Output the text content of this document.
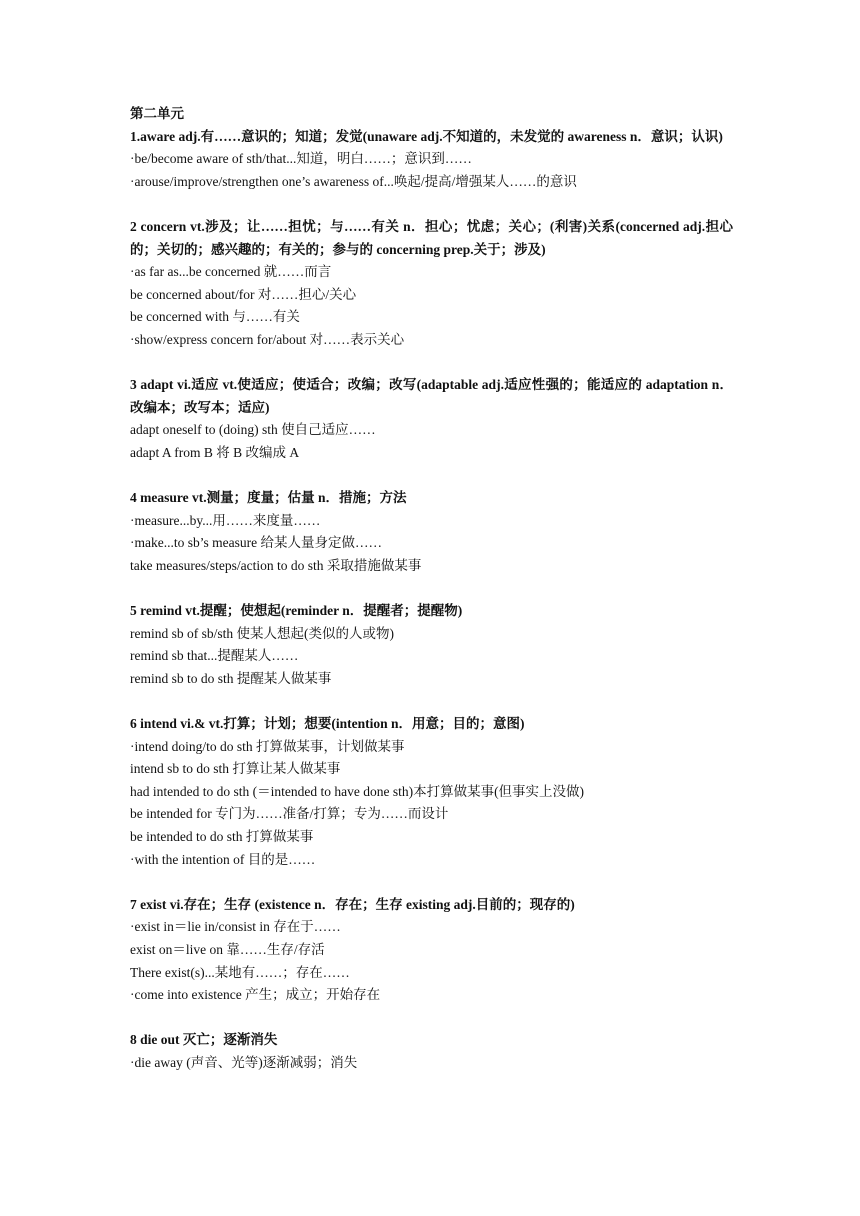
第二单元
1.aware adj.有……意识的；知道；发觉(unaware adj.不知道的，未发觉的 awareness n．意识；认识)
·be/become aware of sth/that...知道，明白……；意识到……
·arouse/improve/strengthen one’s awareness of...唤起/提高/增强某人……的意识
2 concern vt.涉及；让……担忧；与……有关 n．担心；忧虑；关心；(利害)关系(concerned adj.担心的；关切的；感兴趣的；有关的；参与的 concerning prep.关于；涉及)
·as far as...be concerned 就……而言
be concerned about/for 对……担心/关心
be concerned with 与……有关
·show/express concern for/about 对……表示关心
3 adapt vi.适应 vt.使适应；使适合；改编；改写(adaptable adj.适应性强的；能适应的 adaptation n．改编本；改写本；适应)
adapt oneself to (doing) sth 使自己适应……
adapt A from B 将 B 改编成 A
4 measure vt.测量；度量；估量 n．措施；方法
·measure...by...用……来度量……
·make...to sb’s measure 给某人量身定做……
take measures/steps/action to do sth 采取措施做某事
5 remind vt.提醒；使想起(reminder n．提醒者；提醒物)
remind sb of sb/sth 使某人想起(类似的人或物)
remind sb that...提醒某人……
remind sb to do sth 提醒某人做某事
6 intend vi.& vt.打算；计划；想要(intention n．用意；目的；意图)
·intend doing/to do sth 打算做某事，计划做某事
intend sb to do sth 打算让某人做某事
had intended to do sth (＝intended to have done sth)本打算做某事(但事实上没做)
be intended for 专门为……准备/打算；专为……而设计
be intended to do sth 打算做某事
·with the intention of 目的是……
7 exist vi.存在；生存 (existence n．存在；生存 existing adj.目前的；现存的)
·exist in＝lie in/consist in 存在于……
exist on＝live on 靠……生存/存活
There exist(s)...某地有……；存在……
·come into existence 产生；成立；开始存在
8 die out 灭亡；逐渐消失
·die away (声音、光等)逐渐减弱；消失
